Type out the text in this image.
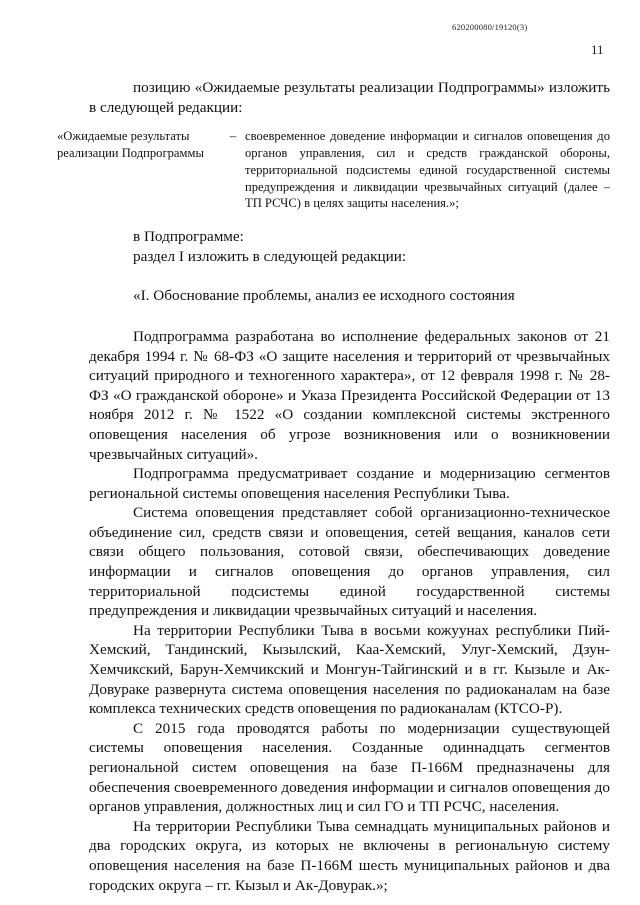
620200080/19120(3)
11

позицию «Ожидаемые результаты реализации Подпрограммы» изложить в следующей редакции:

«Ожидаемые результаты реализации Подпрограммы
– своевременное доведение информации и сигналов оповещения до органов управления, сил и средств гражданской обороны, территориальной подсистемы единой государственной системы предупреждения и ликвидации чрезвычайных ситуаций (далее – ТП РСЧС) в целях защиты населения.»;

в Подпрограмме:

раздел I изложить в следующей редакции:

«I. Обоснование проблемы, анализ ее исходного состояния

Подпрограмма разработана во исполнение федеральных законов от 21 декабря 1994 г. № 68-ФЗ «О защите населения и территорий от чрезвычайных ситуаций природного и техногенного характера», от 12 февраля 1998 г. № 28-ФЗ «О гражданской обороне» и Указа Президента Российской Федерации от 13 ноября 2012 г. № 1522 «О создании комплексной системы экстренного оповещения населения об угрозе возникновения или о возникновении чрезвычайных ситуаций».

Подпрограмма предусматривает создание и модернизацию сегментов региональной системы оповещения населения Республики Тыва.

Система оповещения представляет собой организационно-техническое объединение сил, средств связи и оповещения, сетей вещания, каналов сети связи общего пользования, сотовой связи, обеспечивающих доведение информации и сигналов оповещения до органов управления, сил территориальной подсистемы единой государственной системы предупреждения и ликвидации чрезвычайных ситуаций и населения.

На территории Республики Тыва в восьми кожуунах республики Пий-Хемский, Тандинский, Кызылский, Каа-Хемский, Улуг-Хемский, Дзун-Хемчикский, Барун-Хемчикский и Монгун-Тайгинский и в гг. Кызыле и Ак-Довураке развернута система оповещения населения по радиоканалам на базе комплекса технических средств оповещения по радиоканалам (КТСО-Р).

С 2015 года проводятся работы по модернизации существующей системы оповещения населения. Созданные одиннадцать сегментов региональной систем оповещения на базе П-166М предназначены для обеспечения своевременного доведения информации и сигналов оповещения до органов управления, должностных лиц и сил ГО и ТП РСЧС, населения.

На территории Республики Тыва семнадцать муниципальных районов и два городских округа, из которых не включены в региональную систему оповещения населения на базе П-166М шесть муниципальных районов и два городских округа – гг. Кызыл и Ак-Довурак.»;
